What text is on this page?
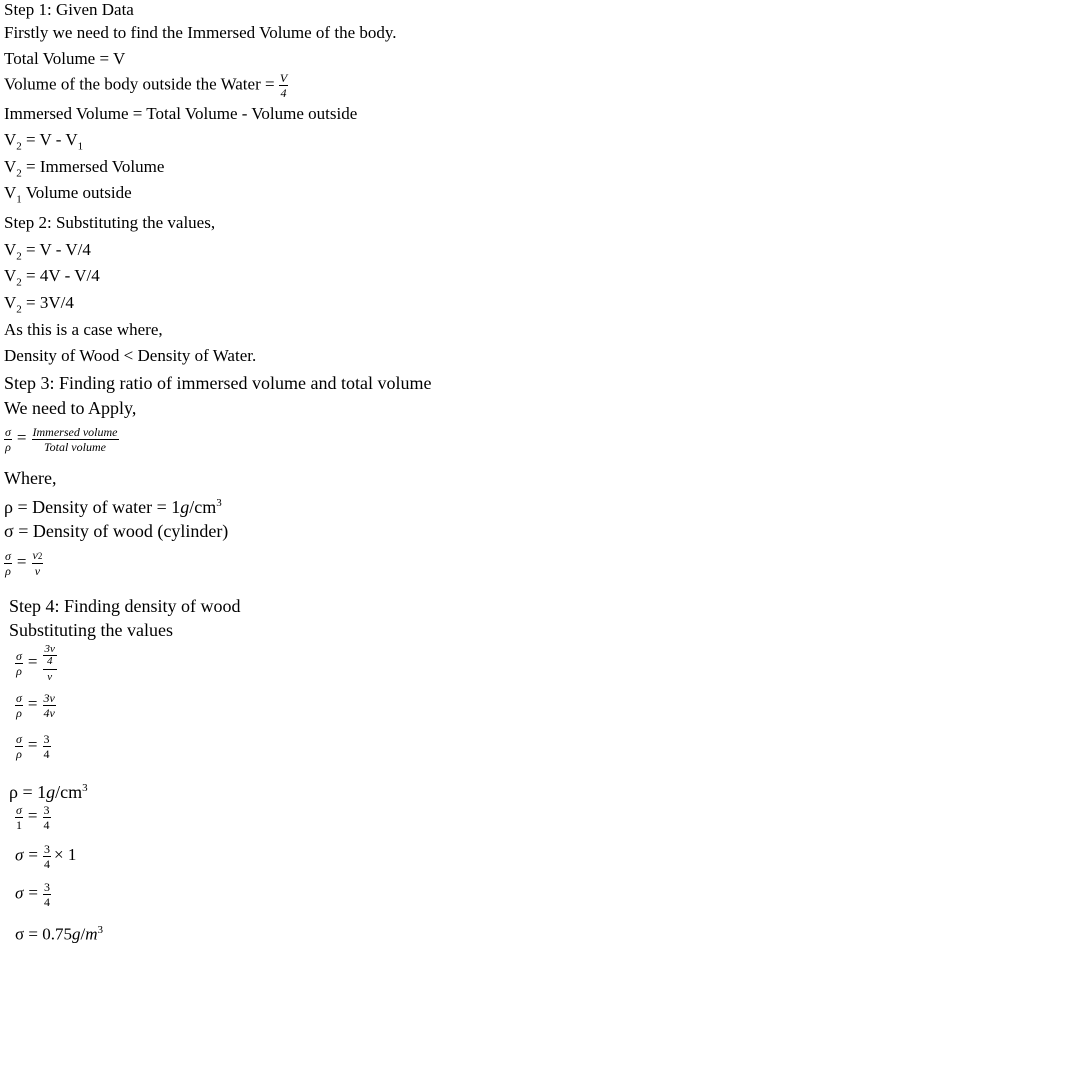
Step 1: Given Data
Firstly we need to find the Immersed Volume of the body.
Total Volume = V
Volume of the body outside the Water = $\frac{V}{4}$
Immersed Volume = Total Volume - Volume outside
$V_2 = V - V_1$
$V_2$ = Immersed Volume
$V_1$ Volume outside
Step 2: Substituting the values,
$V_2 = V - V/4$
$V_2 = 4V - V/4$
$V_2 = 3V/4$
As this is a case where,
Density of Wood < Density of Water.
Step 3: Finding ratio of immersed volume and total volume
We need to Apply,
$\frac{\sigma}{\rho} = \frac{\text{Immersed volume}}{\text{Total volume}}$
Where,
ρ = Density of water = $1g/cm^3$
σ = Density of wood (cylinder)
$\frac{\sigma}{\rho} = \frac{v2}{v}$
Step 4: Finding density of wood
Substituting the values
$\frac{\sigma}{\rho} = \frac{\frac{3v}{4}}{v}$
$\frac{\sigma}{\rho} = \frac{3v}{4v}$
$\frac{\sigma}{\rho} = \frac{3}{4}$
$\rho = 1g/cm^3$
$\frac{\sigma}{1} = \frac{3}{4}$
$\sigma = \frac{3}{4} \times 1$
$\sigma = \frac{3}{4}$
$\sigma = 0.75g/m^3$
